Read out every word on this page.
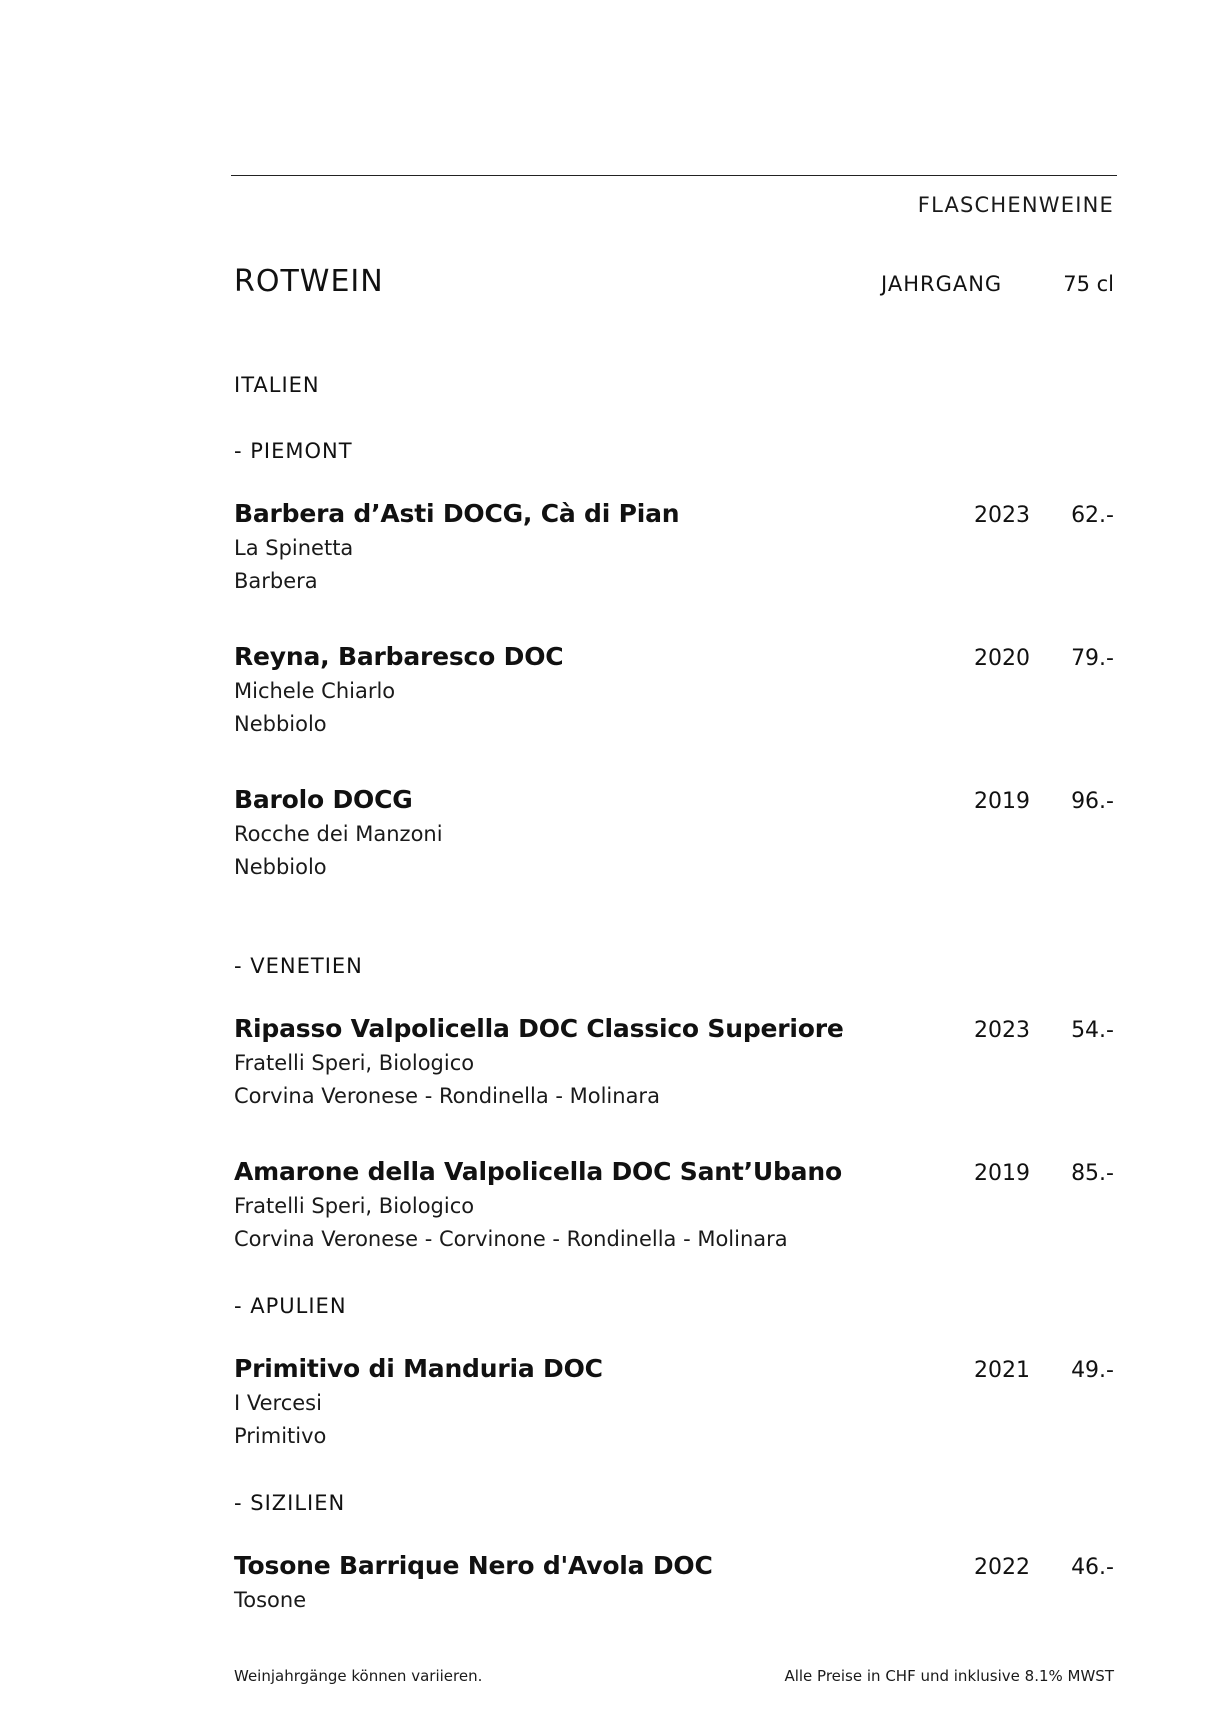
FLASCHENWEINE
ROTWEIN	JAHRGANG	75 cl
ITALIEN
- PIEMONT
Barbera d’Asti DOCG, Cà di Pian	2023 62.-
La Spinetta
Barbera
Reyna, Barbaresco DOC	2020 79.-
Michele Chiarlo
Nebbiolo
Barolo DOCG	2019 96.-
Rocche dei Manzoni
Nebbiolo
- VENETIEN
Ripasso Valpolicella DOC Classico Superiore	2023 54.-
Fratelli Speri, Biologico
Corvina Veronese - Rondinella - Molinara
Amarone della Valpolicella DOC Sant’Ubano	2019 85.-
Fratelli Speri, Biologico
Corvina Veronese - Corvinone - Rondinella - Molinara
- APULIEN
Primitivo di Manduria DOC	2021 49.-
I Vercesi
Primitivo
- SIZILIEN
Tosone Barrique Nero d'Avola DOC	2022 46.-
Tosone
Weinjahrgänge können variieren.	Alle Preise in CHF und inklusive 8.1% MWST
